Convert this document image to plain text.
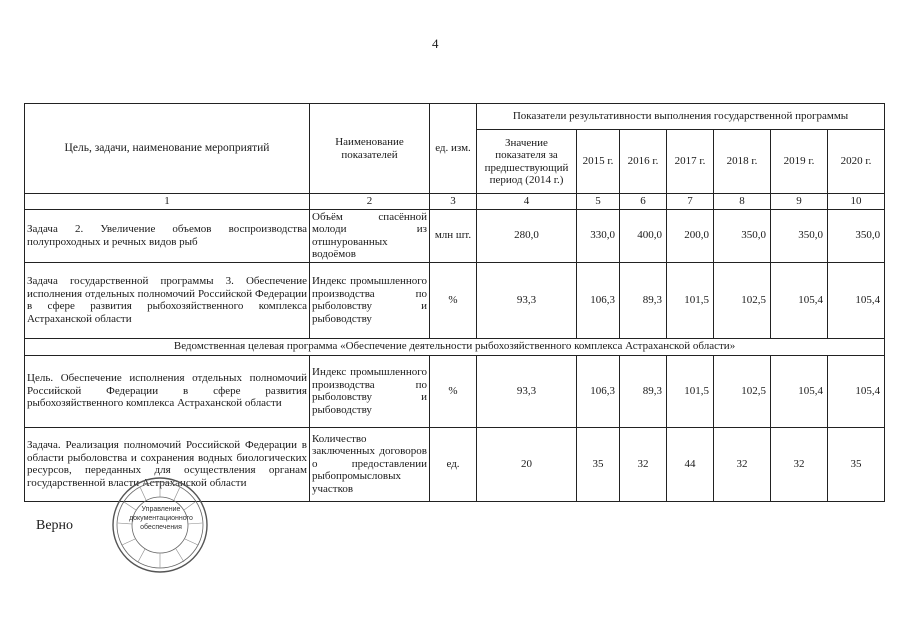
4
Цель, задачи, наименование мероприятий	Наименование показателей	ед. изм.	Показатели результативности выполнения государственной программы						
			Значение показателя за предшествующий период (2014 г.)	2015 г.	2016 г.	2017 г.	2018 г.	2019 г.	2020 г.
1	2	3	4	5	6	7	8	9	10
Задача 2. Увеличение объемов воспроизводства полупроходных и речных видов рыб	Объём спасённой молоди из отшнурованных водоёмов	млн шт.	280,0	330,0	400,0	200,0	350,0	350,0	350,0
Задача государственной программы 3. Обеспечение исполнения отдельных полномочий Российской Федерации в сфере развития рыбохозяйственного комплекса Астраханской области	Индекс промышленного производства по рыболовству и рыбоводству	%	93,3	106,3	89,3	101,5	102,5	105,4	105,4
Ведомственная целевая программа «Обеспечение деятельности рыбохозяйственного комплекса Астраханской области»									
Цель. Обеспечение исполнения отдельных полномочий Российской Федерации в сфере развития рыбохозяйственного комплекса Астраханской области	Индекс промышленного производства по рыболовству и рыбоводству	%	93,3	106,3	89,3	101,5	102,5	105,4	105,4
Задача. Реализация полномочий Российской Федерации в области рыболовства и сохранения водных биологических ресурсов, переданных для осуществления органам государственной власти Астраханской области	Количество заключенных договоров о предоставлении рыбопромысловых участков	ед.	20	35	32	44	32	32	35
Верно
Управление документационного обеспечения
